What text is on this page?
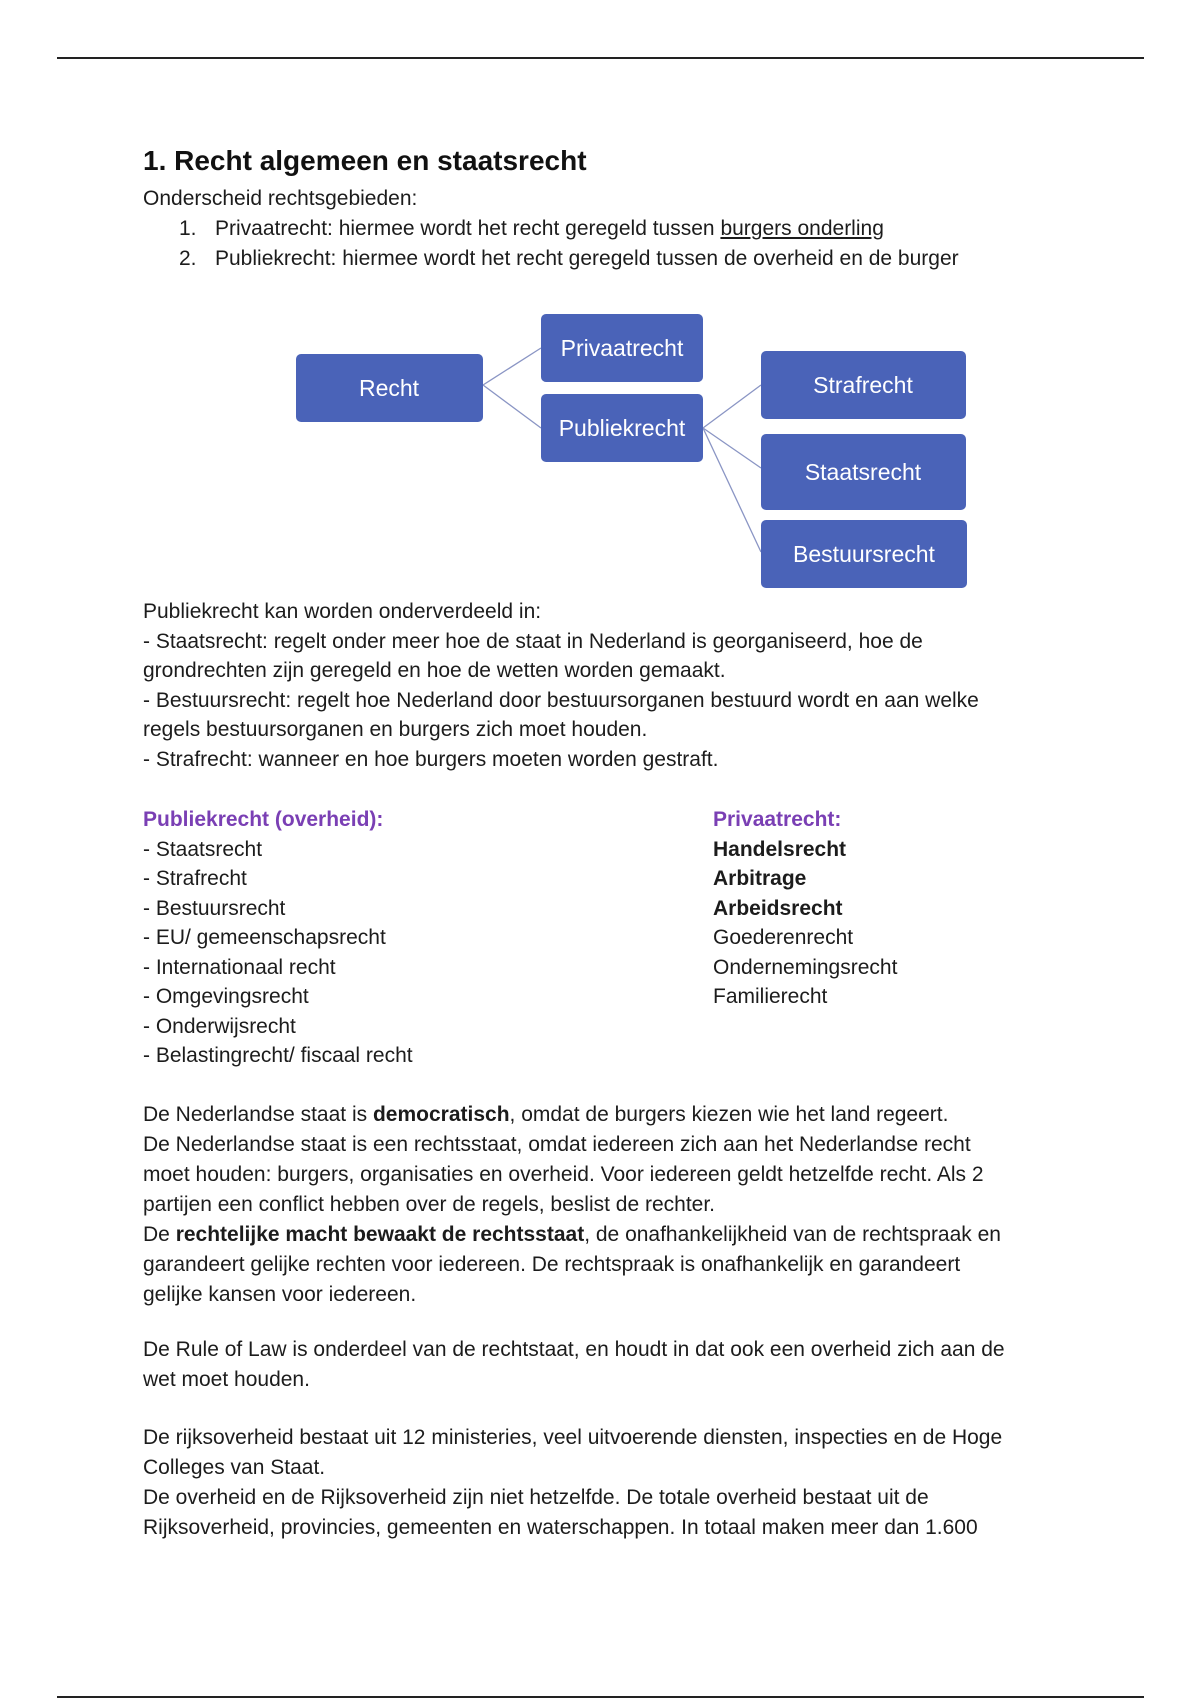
1. Recht algemeen en staatsrecht
Onderscheid rechtsgebieden:
1. Privaatrecht: hiermee wordt het recht geregeld tussen burgers onderling
2. Publiekrecht: hiermee wordt het recht geregeld tussen de overheid en de burger
Recht
Privaatrecht
Publiekrecht
Strafrecht
Staatsrecht
Bestuursrecht

Publiekrecht kan worden onderverdeeld in:

- Staatsrecht: regelt onder meer hoe de staat in Nederland is georganiseerd, hoe de

grondrechten zijn geregeld en hoe de wetten worden gemaakt.

- Bestuursrecht: regelt hoe Nederland door bestuursorganen bestuurd wordt en aan welke

regels bestuursorganen en burgers zich moet houden.

- Strafrecht: wanneer en hoe burgers moeten worden gestraft.

Publiekrecht (overheid):
- Staatsrecht
- Strafrecht
- Bestuursrecht
- EU/ gemeenschapsrecht
- Internationaal recht
- Omgevingsrecht
- Onderwijsrecht
- Belastingrecht/ fiscaal recht
Privaatrecht:
Handelsrecht
Arbitrage
Arbeidsrecht
Goederenrecht
Ondernemingsrecht
Familierecht

De Nederlandse staat is democratisch, omdat de burgers kiezen wie het land regeert.

De Nederlandse staat is een rechtsstaat, omdat iedereen zich aan het Nederlandse recht

moet houden: burgers, organisaties en overheid. Voor iedereen geldt hetzelfde recht. Als 2

partijen een conflict hebben over de regels, beslist de rechter.

De rechtelijke macht bewaakt de rechtsstaat, de onafhankelijkheid van de rechtspraak en

garandeert gelijke rechten voor iedereen. De rechtspraak is onafhankelijk en garandeert

gelijke kansen voor iedereen.

De Rule of Law is onderdeel van de rechtstaat, en houdt in dat ook een overheid zich aan de

wet moet houden.

De rijksoverheid bestaat uit 12 ministeries, veel uitvoerende diensten, inspecties en de Hoge

Colleges van Staat.

De overheid en de Rijksoverheid zijn niet hetzelfde. De totale overheid bestaat uit de

Rijksoverheid, provincies, gemeenten en waterschappen. In totaal maken meer dan 1.600
